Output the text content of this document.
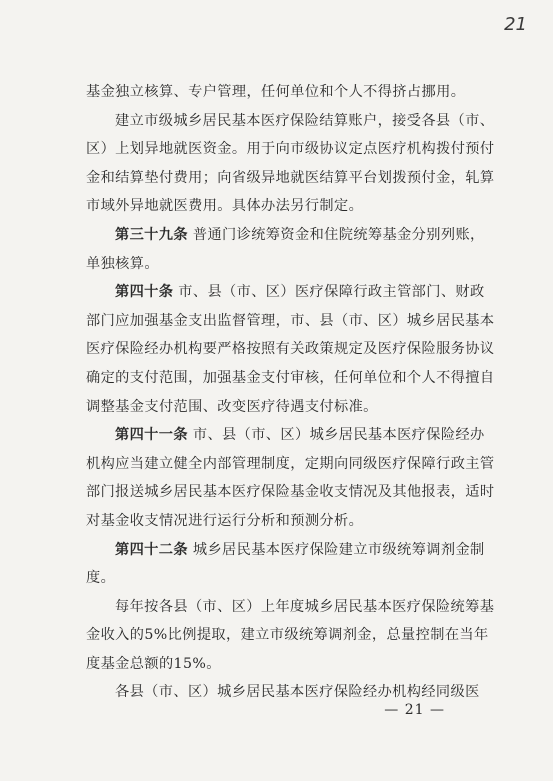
21

基金独立核算、专户管理，任何单位和个人不得挤占挪用。

建立市级城乡居民基本医疗保险结算账户，接受各县（市、区）上划异地就医资金。用于向市级协议定点医疗机构拨付预付金和结算垫付费用；向省级异地就医结算平台划拨预付金，轧算市域外异地就医费用。具体办法另行制定。

第三十九条 普通门诊统筹资金和住院统筹基金分别列账，单独核算。

第四十条 市、县（市、区）医疗保障行政主管部门、财政部门应加强基金支出监督管理，市、县（市、区）城乡居民基本医疗保险经办机构要严格按照有关政策规定及医疗保险服务协议确定的支付范围，加强基金支付审核，任何单位和个人不得擅自调整基金支付范围、改变医疗待遇支付标准。

第四十一条 市、县（市、区）城乡居民基本医疗保险经办机构应当建立健全内部管理制度，定期向同级医疗保障行政主管部门报送城乡居民基本医疗保险基金收支情况及其他报表，适时对基金收支情况进行运行分析和预测分析。

第四十二条 城乡居民基本医疗保险建立市级统筹调剂金制度。

每年按各县（市、区）上年度城乡居民基本医疗保险统筹基金收入的5%比例提取，建立市级统筹调剂金，总量控制在当年度基金总额的15%。

各县（市、区）城乡居民基本医疗保险经办机构经同级医

— 21 —
